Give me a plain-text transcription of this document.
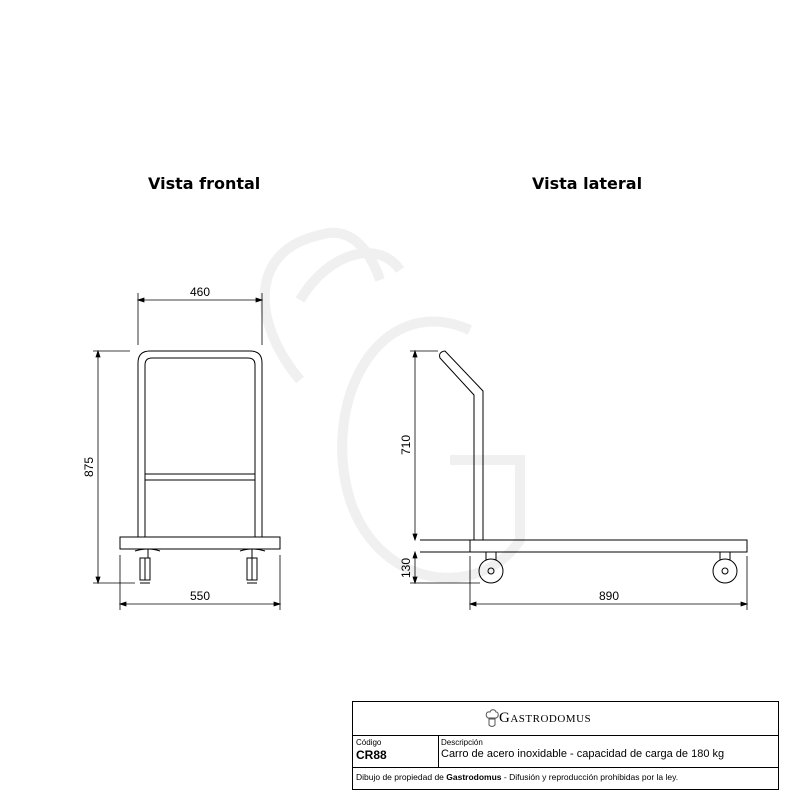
460
875
550
710
130
890
Vista frontal	Vista lateral
Gastrodomus
Código
CR88
Descripción
Carro de acero inoxidable - capacidad de carga de 180 kg
Dibujo de propiedad de Gastrodomus - Difusión y reproducción prohibidas por la ley.
